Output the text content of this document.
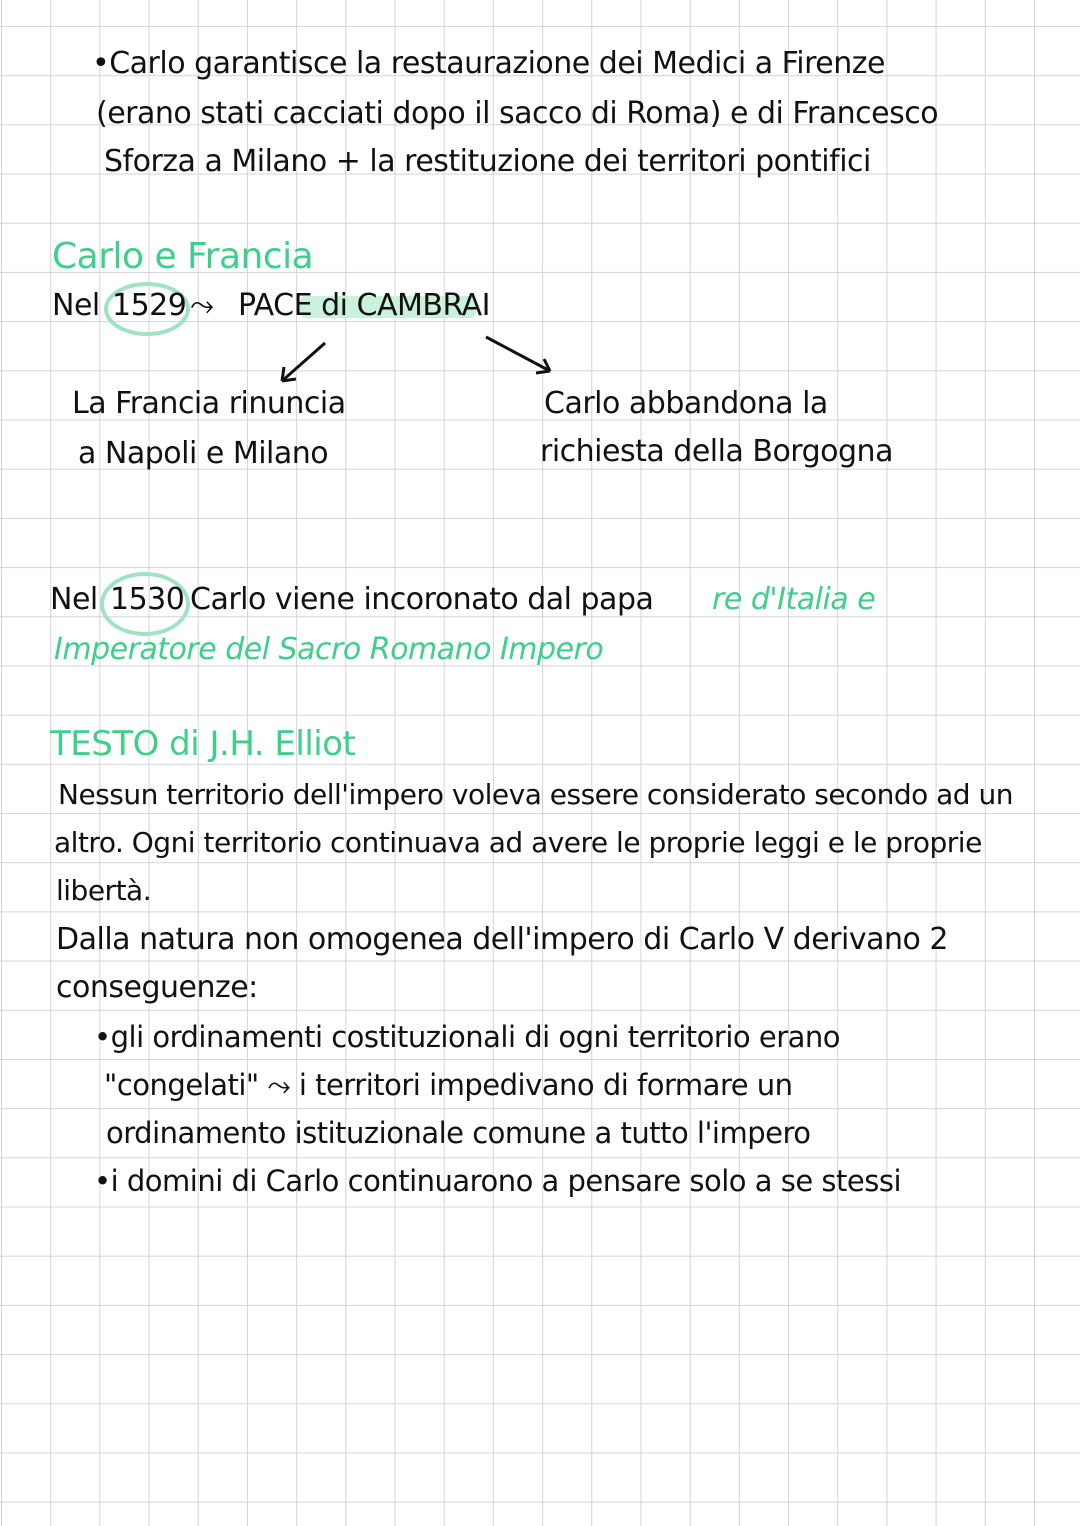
•Carlo garantisce la restaurazione dei Medici a Firenze
(erano stati cacciati dopo il sacco di Roma) e di Francesco
Sforza a Milano + la restituzione dei territori pontifici
Carlo e Francia
Nel 1529 ⤳ PACE di CAMBRAI
La Francia rinuncia
a Napoli e Milano
Carlo abbandona la
richiesta della Borgogna
Nel 1530 Carlo viene incoronato dal papa re d'Italia e
Imperatore del Sacro Romano Impero
TESTO di J.H. Elliot
Nessun territorio dell'impero voleva essere considerato secondo ad un
altro. Ogni territorio continuava ad avere le proprie leggi e le proprie
libertà.
Dalla natura non omogenea dell'impero di Carlo V derivano 2
conseguenze:
•gli ordinamenti costituzionali di ogni territorio erano
"congelati" ⤳ i territori impedivano di formare un
ordinamento istituzionale comune a tutto l'impero
•i domini di Carlo continuarono a pensare solo a se stessi
